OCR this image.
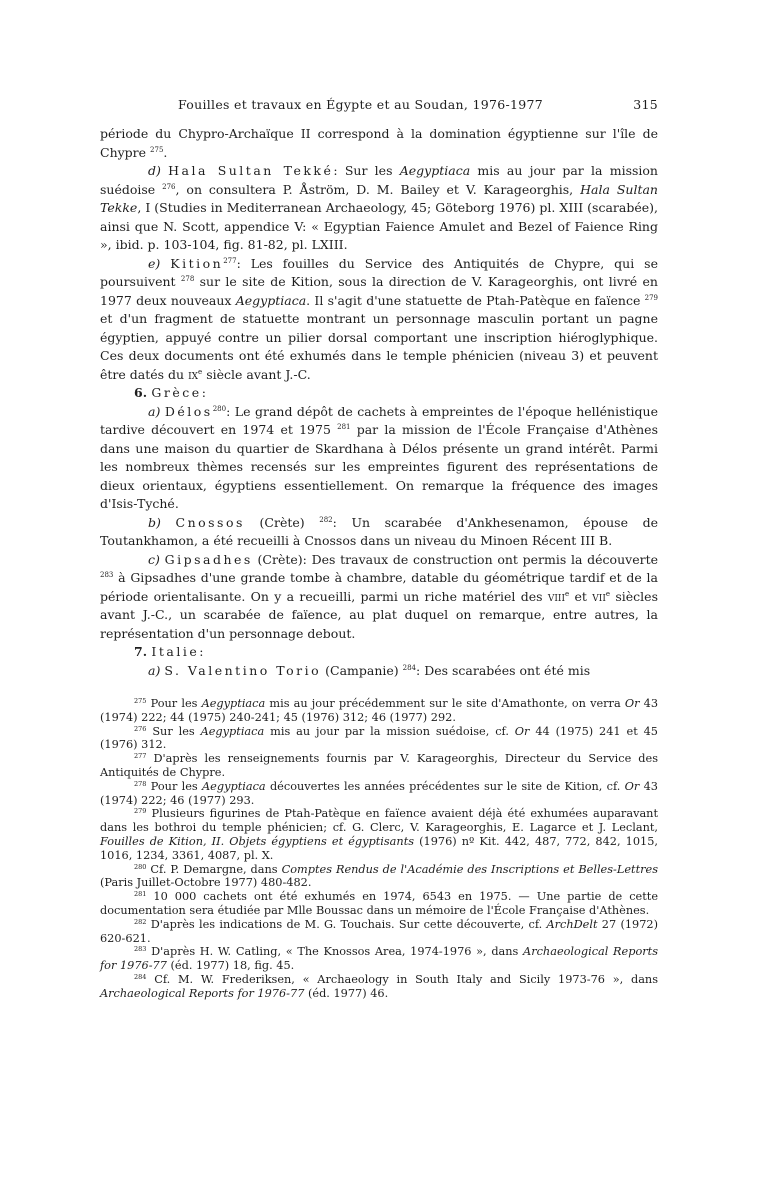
Fouilles et travaux en Égypte et au Soudan, 1976-1977	315

période du Chypro-Archaïque II correspond à la domination égyptienne sur l'île de Chypre $^{275}$.

d) Hala Sultan Tekké: Sur les Aegyptiaca mis au jour par la mission suédoise $^{276}$, on consultera P. Åström, D. M. Bailey et V. Karageorghis, Hala Sultan Tekke, I (Studies in Mediterranean Archaeology, 45; Göteborg 1976) pl. XIII (scarabée), ainsi que N. Scott, appendice V: « Egyptian Faience Amulet and Bezel of Faience Ring », ibid. p. 103-104, fig. 81-82, pl. LXIII.

e) Kition$^{277}$: Les fouilles du Service des Antiquités de Chypre, qui se poursuivent $^{278}$ sur le site de Kition, sous la direction de V. Karageorghis, ont livré en 1977 deux nouveaux Aegyptiaca. Il s'agit d'une statuette de Ptah-Patèque en faïence $^{279}$ et d'un fragment de statuette montrant un personnage masculin portant un pagne égyptien, appuyé contre un pilier dorsal comportant une inscription hiéroglyphique. Ces deux documents ont été exhumés dans le temple phénicien (niveau 3) et peuvent être datés du $ix^e$ siècle avant J.-C.

6. Grèce:

a) Délos$^{280}$: Le grand dépôt de cachets à empreintes de l'époque hellénistique tardive découvert en 1974 et 1975 $^{281}$ par la mission de l'École Française d'Athènes dans une maison du quartier de Skardhana à Délos présente un grand intérêt. Parmi les nombreux thèmes recensés sur les empreintes figurent des représentations de dieux orientaux, égyptiens essentiellement. On remarque la fréquence des images d'Isis-Tyché.

b) Cnossos (Crète) $^{282}$: Un scarabée d'Ankhesenamon, épouse de Toutankhamon, a été recueilli à Cnossos dans un niveau du Minoen Récent III B.

c) Gipsadhes (Crète): Des travaux de construction ont permis la découverte $^{283}$ à Gipsadhes d'une grande tombe à chambre, datable du géométrique tardif et de la période orientalisante. On y a recueilli, parmi un riche matériel des viii$^e$ et vii$^e$ siècles avant J.-C., un scarabée de faïence, au plat duquel on remarque, entre autres, la représentation d'un personnage debout.

7. Italie:

a) S. Valentino Torio (Campanie) $^{284}$: Des scarabées ont été mis

$^{275}$ Pour les Aegyptiaca mis au jour précédemment sur le site d'Amathonte, on verra Or 43 (1974) 222; 44 (1975) 240-241; 45 (1976) 312; 46 (1977) 292.

$^{276}$ Sur les Aegyptiaca mis au jour par la mission suédoise, cf. Or 44 (1975) 241 et 45 (1976) 312.

$^{277}$ D'après les renseignements fournis par V. Karageorghis, Directeur du Service des Antiquités de Chypre.

$^{278}$ Pour les Aegyptiaca découvertes les années précédentes sur le site de Kition, cf. Or 43 (1974) 222; 46 (1977) 293.

$^{279}$ Plusieurs figurines de Ptah-Patèque en faïence avaient déjà été exhumées auparavant dans les bothroi du temple phénicien; cf. G. Clerc, V. Karageorghis, E. Lagarce et J. Leclant, Fouilles de Kition, II. Objets égyptiens et égyptisants (1976) nº Kit. 442, 487, 772, 842, 1015, 1016, 1234, 3361, 4087, pl. X.

$^{280}$ Cf. P. Demargne, dans Comptes Rendus de l'Académie des Inscriptions et Belles-Lettres (Paris Juillet-Octobre 1977) 480-482.

$^{281}$ 10 000 cachets ont été exhumés en 1974, 6543 en 1975. — Une partie de cette documentation sera étudiée par Mlle Boussac dans un mémoire de l'École Française d'Athènes.

$^{282}$ D'après les indications de M. G. Touchais. Sur cette découverte, cf. ArchDelt 27 (1972) 620-621.

$^{283}$ D'après H. W. Catling, « The Knossos Area, 1974-1976 », dans Archaeological Reports for 1976-77 (éd. 1977) 18, fig. 45.

$^{284}$ Cf. M. W. Frederiksen, « Archaeology in South Italy and Sicily 1973-76 », dans Archaeological Reports for 1976-77 (éd. 1977) 46.
